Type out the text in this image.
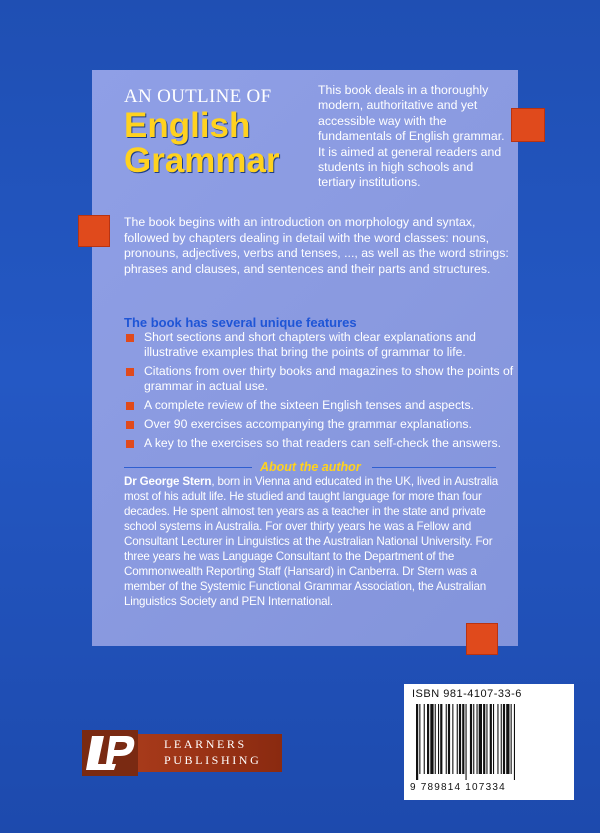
AN OUTLINE OF
English
Grammar
This book deals in a thoroughly modern, authoritative and yet accessible way with the fundamentals of English grammar. It is aimed at general readers and students in high schools and tertiary institutions.
The book begins with an introduction on morphology and syntax, followed by chapters dealing in detail with the word classes: nouns, pronouns, adjectives, verbs and tenses, ..., as well as the word strings: phrases and clauses, and sentences and their parts and structures.
The book has several unique features
Short sections and short chapters with clear explanations and illustrative examples that bring the points of grammar to life.
Citations from over thirty books and magazines to show the points of grammar in actual use.
A complete review of the sixteen English tenses and aspects.
Over 90 exercises accompanying the grammar explanations.
A key to the exercises so that readers can self-check the answers.
About the author
Dr George Stern, born in Vienna and educated in the UK, lived in Australia most of his adult life. He studied and taught language for more than four decades. He spent almost ten years as a teacher in the state and private school systems in Australia. For over thirty years he was a Fellow and Consultant Lecturer in Linguistics at the Australian National University. For three years he was Language Consultant to the Department of the Commonwealth Reporting Staff (Hansard) in Canberra. Dr Stern was a member of the Systemic Functional Grammar Association, the Australian Linguistics Society and PEN International.
LEARNERS
PUBLISHING
ISBN 981-4107-33-6
9 789814 107334
